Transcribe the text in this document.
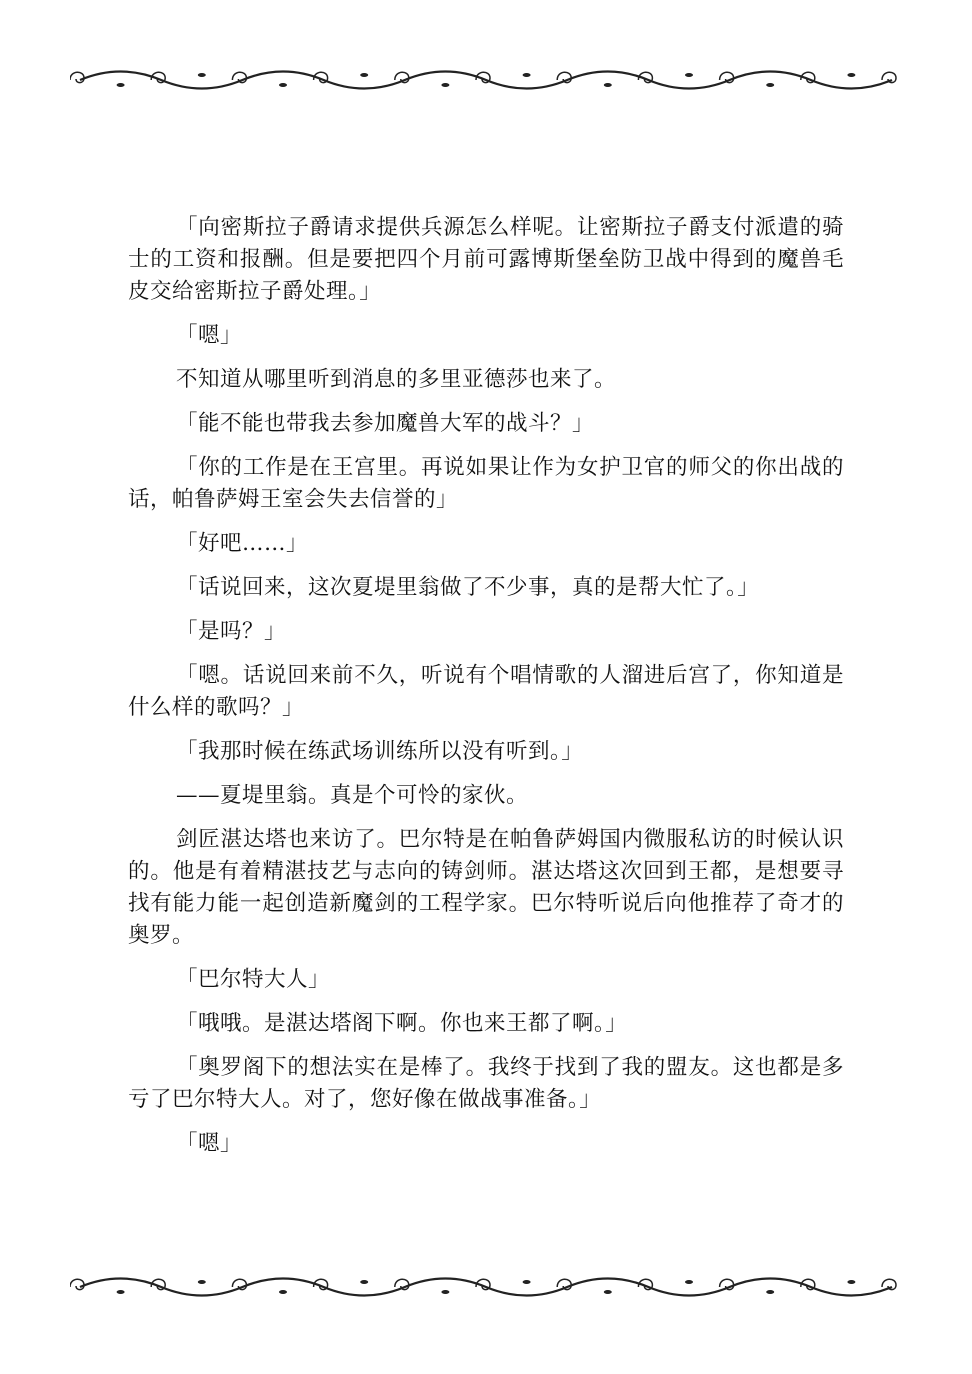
「向密斯拉子爵请求提供兵源怎么样呢。让密斯拉子爵支付派遣的骑士的工资和报酬。但是要把四个月前可露博斯堡垒防卫战中得到的魔兽毛皮交给密斯拉子爵处理。」

「嗯」

不知道从哪里听到消息的多里亚德莎也来了。

「能不能也带我去参加魔兽大军的战斗？」

「你的工作是在王宫里。再说如果让作为女护卫官的师父的你出战的话，帕鲁萨姆王室会失去信誉的」

「好吧……」

「话说回来，这次夏堤里翁做了不少事，真的是帮大忙了。」

「是吗？」

「嗯。话说回来前不久，听说有个唱情歌的人溜进后宫了，你知道是什么样的歌吗？」

「我那时候在练武场训练所以没有听到。」

——夏堤里翁。真是个可怜的家伙。

剑匠湛达塔也来访了。巴尔特是在帕鲁萨姆国内微服私访的时候认识的。他是有着精湛技艺与志向的铸剑师。湛达塔这次回到王都，是想要寻找有能力能一起创造新魔剑的工程学家。巴尔特听说后向他推荐了奇才的奥罗。

「巴尔特大人」

「哦哦。是湛达塔阁下啊。你也来王都了啊。」

「奥罗阁下的想法实在是棒了。我终于找到了我的盟友。这也都是多亏了巴尔特大人。对了，您好像在做战事准备。」

「嗯」
